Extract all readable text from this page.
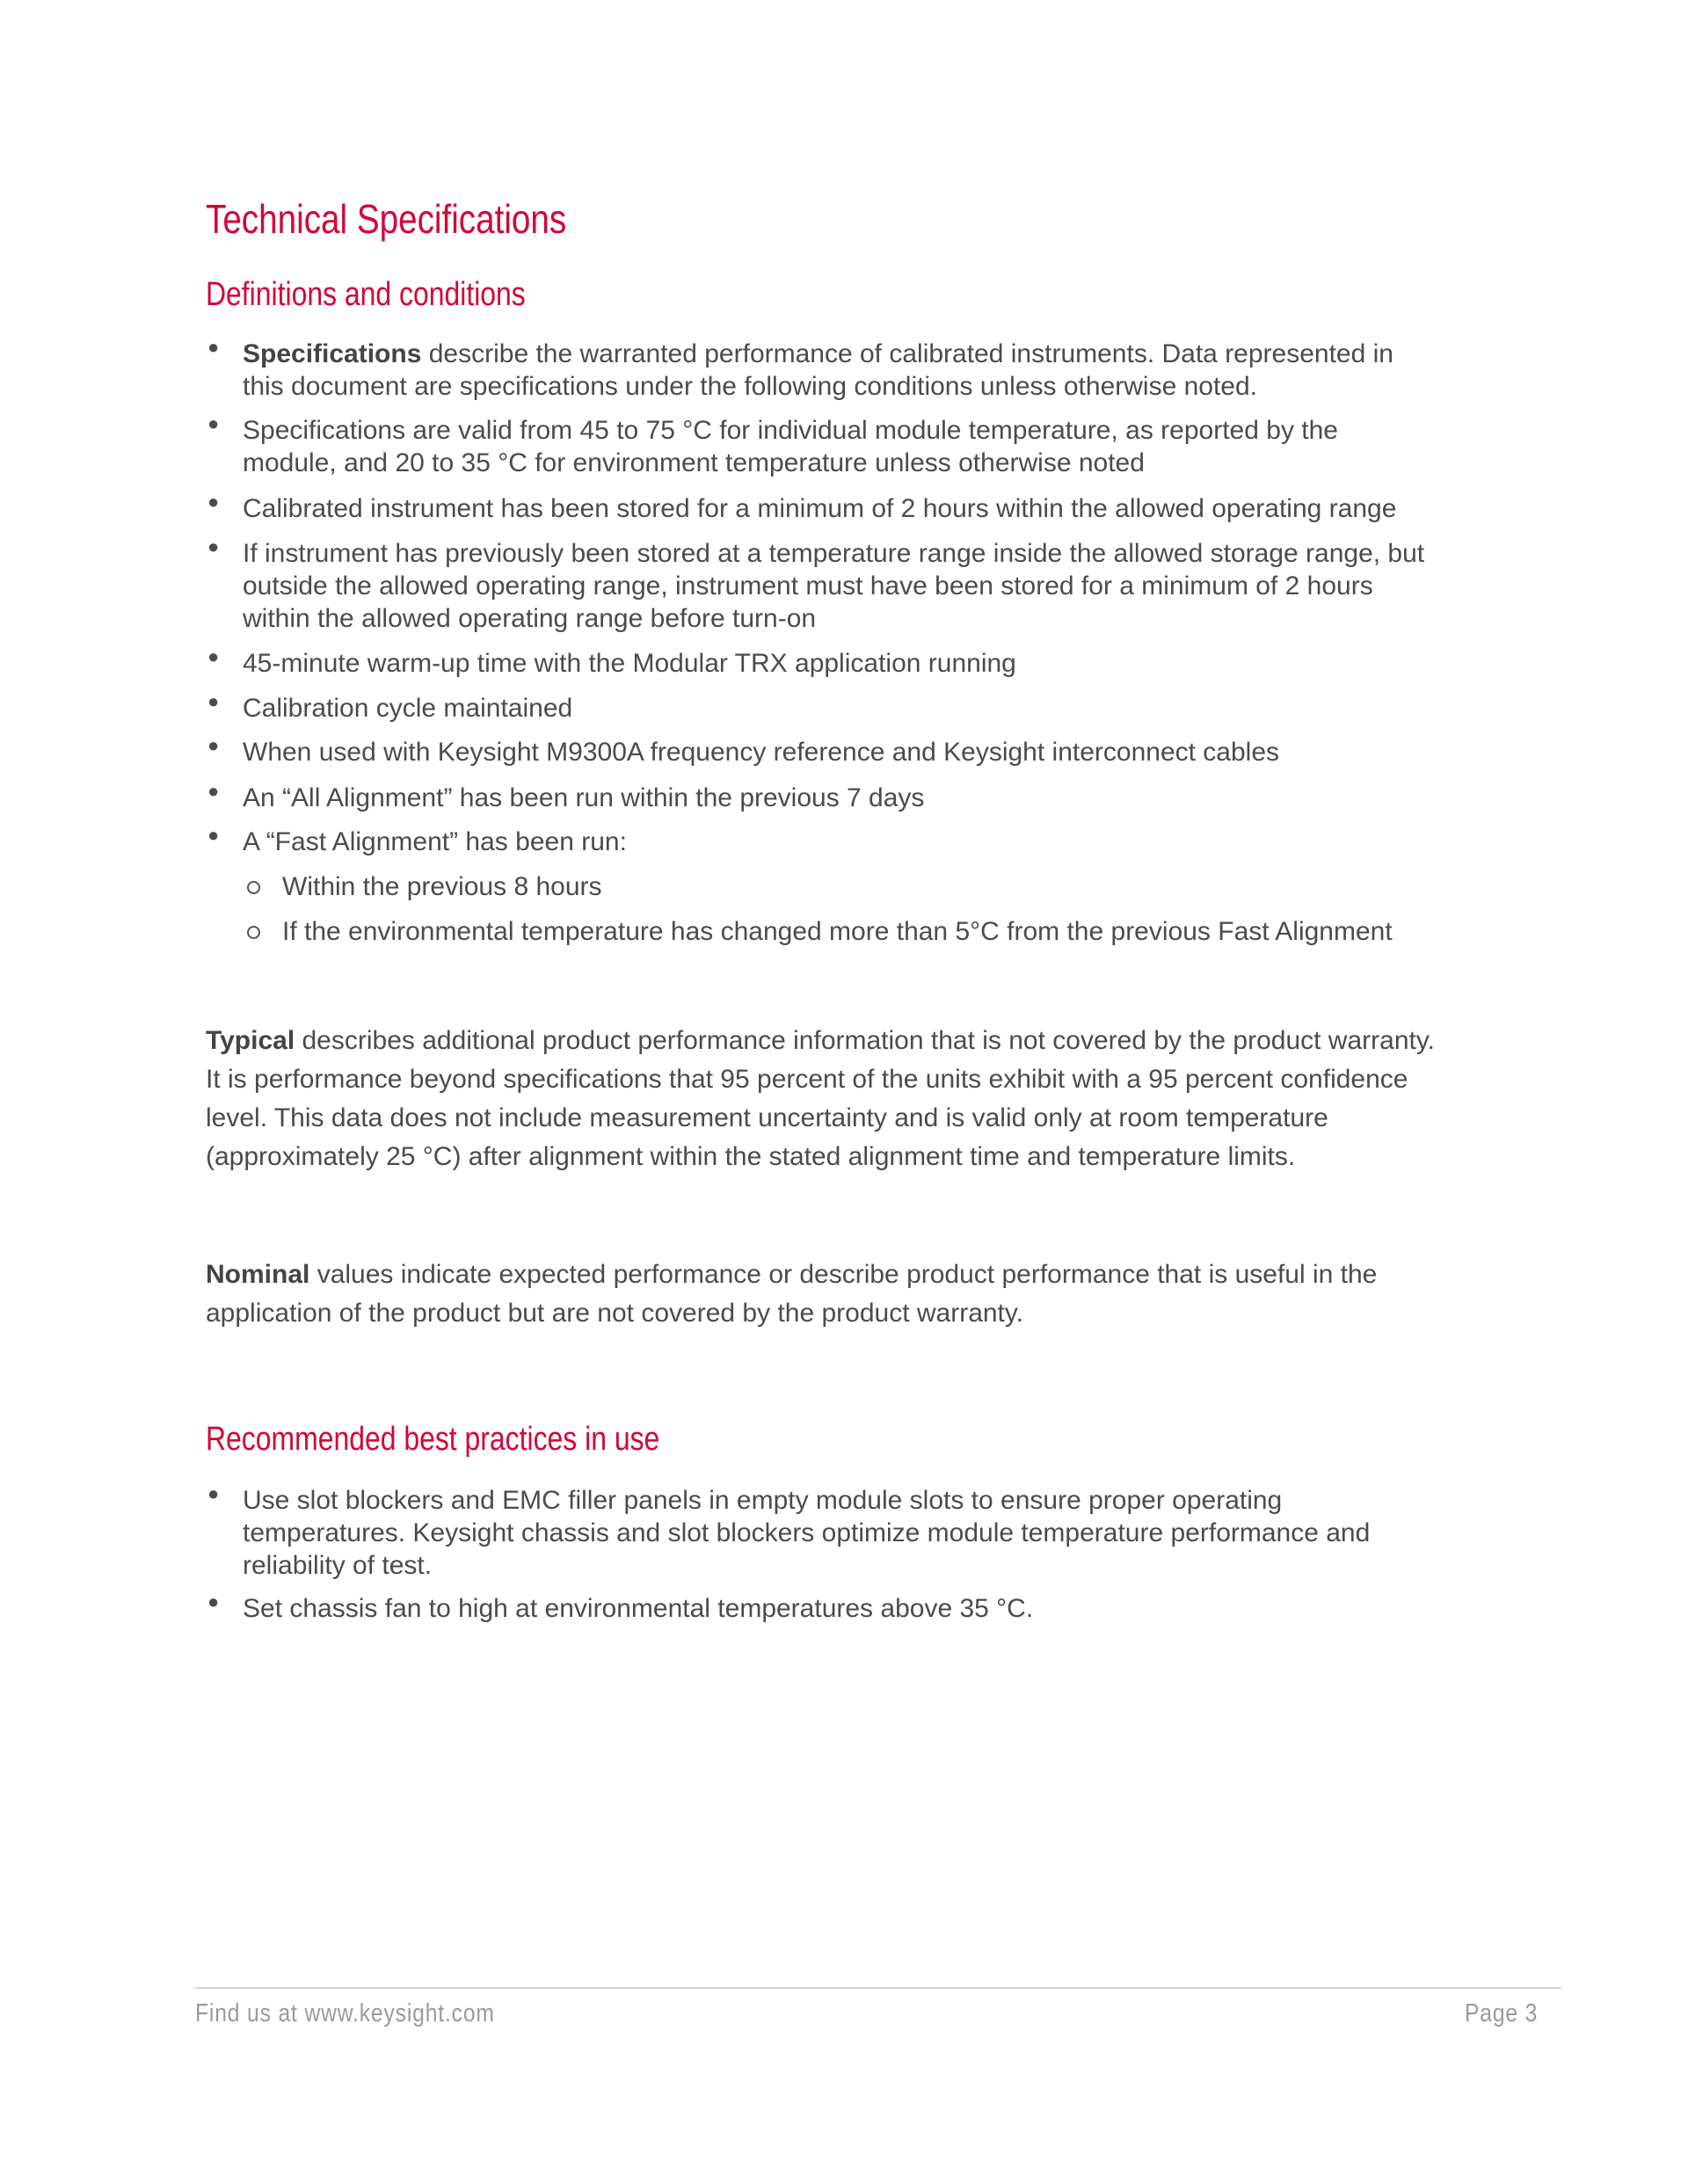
Technical Specifications
Definitions and conditions
● Specifications describe the warranted performance of calibrated instruments. Data represented in
this document are specifications under the following conditions unless otherwise noted.
● Specifications are valid from 45 to 75 °C for individual module temperature, as reported by the
module, and 20 to 35 °C for environment temperature unless otherwise noted
● Calibrated instrument has been stored for a minimum of 2 hours within the allowed operating range
● If instrument has previously been stored at a temperature range inside the allowed storage range, but
outside the allowed operating range, instrument must have been stored for a minimum of 2 hours
within the allowed operating range before turn-on
● 45-minute warm-up time with the Modular TRX application running
● Calibration cycle maintained
● When used with Keysight M9300A frequency reference and Keysight interconnect cables
● An “All Alignment” has been run within the previous 7 days
● A “Fast Alignment” has been run:
Within the previous 8 hours
If the environmental temperature has changed more than 5°C from the previous Fast Alignment
Typical describes additional product performance information that is not covered by the product warranty.
It is performance beyond specifications that 95 percent of the units exhibit with a 95 percent confidence
level. This data does not include measurement uncertainty and is valid only at room temperature
(approximately 25 °C) after alignment within the stated alignment time and temperature limits.
Nominal values indicate expected performance or describe product performance that is useful in the
application of the product but are not covered by the product warranty.
Recommended best practices in use
● Use slot blockers and EMC filler panels in empty module slots to ensure proper operating
temperatures. Keysight chassis and slot blockers optimize module temperature performance and
reliability of test.
● Set chassis fan to high at environmental temperatures above 35 °C.
Find us at www.keysight.com	Page 3
